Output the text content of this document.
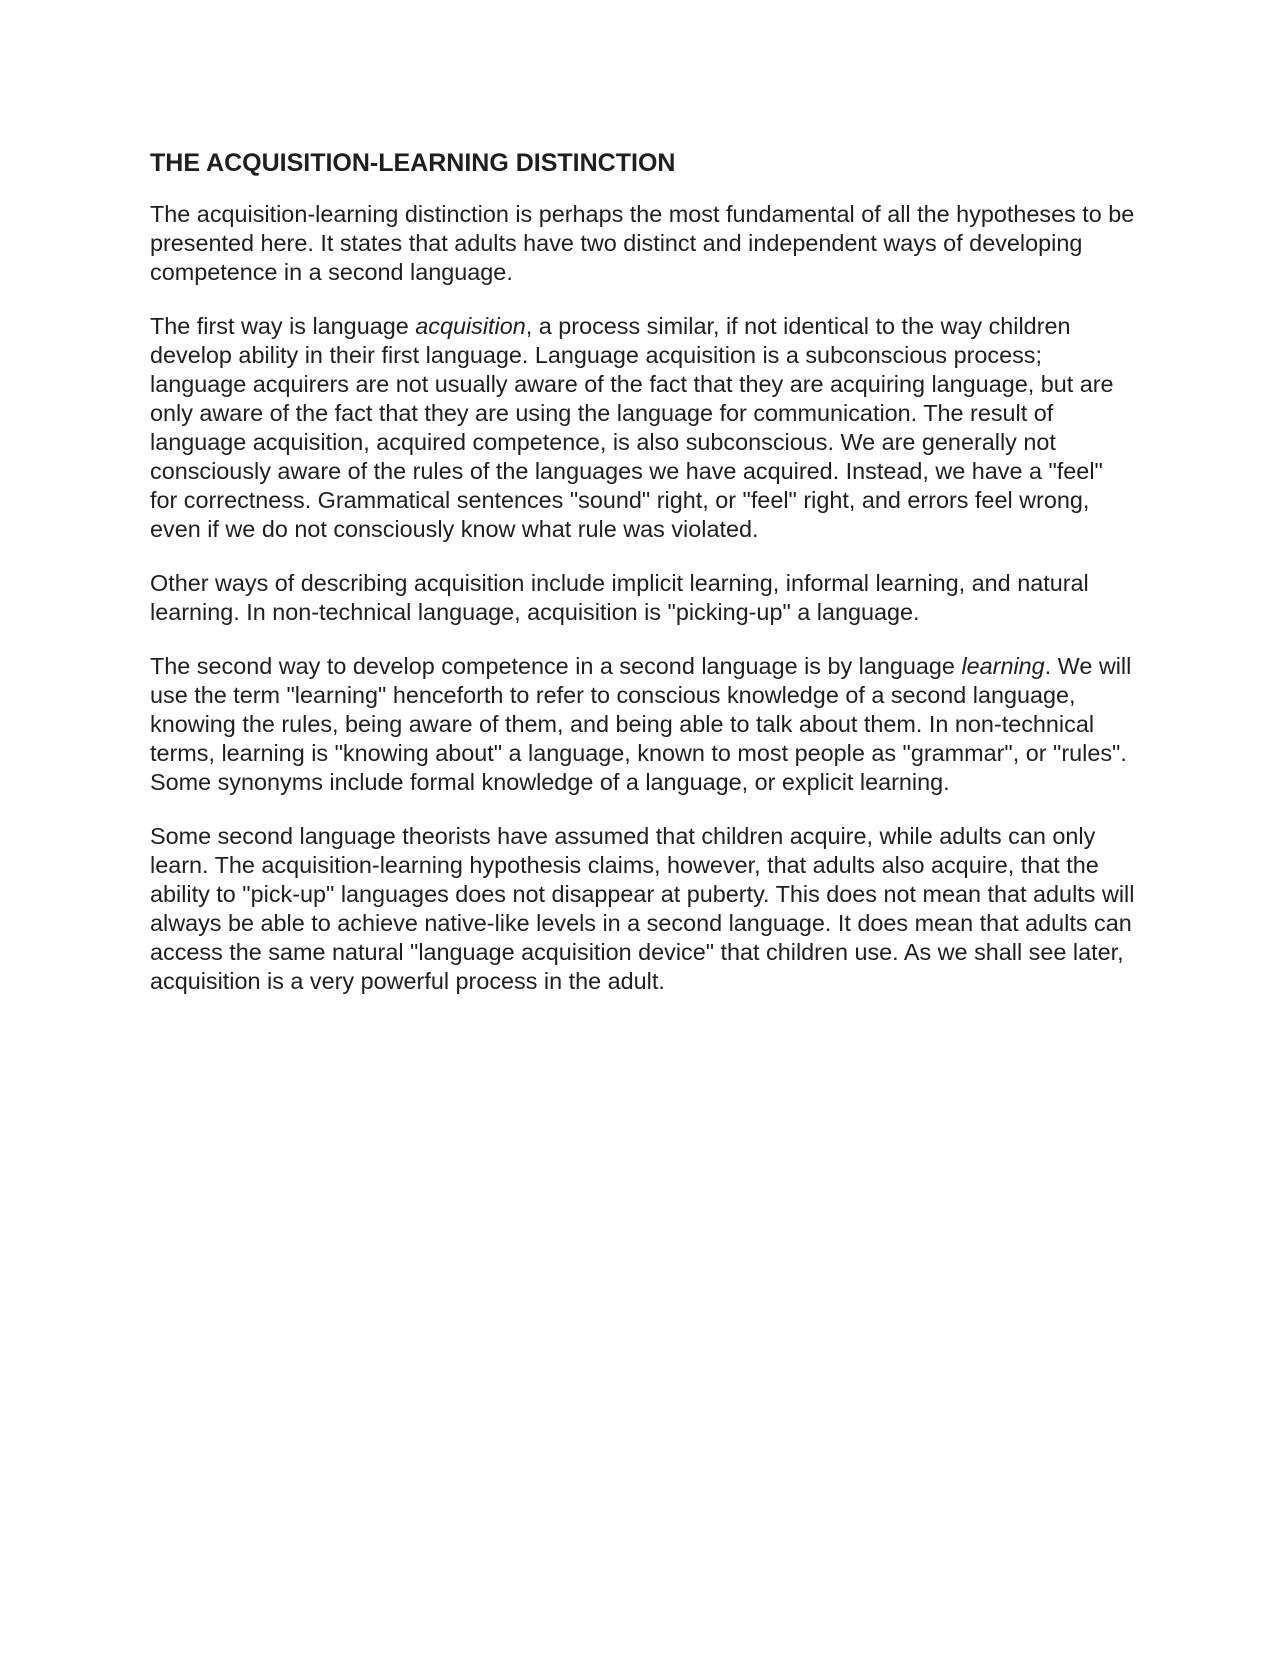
THE ACQUISITION-LEARNING DISTINCTION

The acquisition-learning distinction is perhaps the most fundamental of all the hypotheses to be presented here. It states that adults have two distinct and independent ways of developing competence in a second language.

The first way is language acquisition, a process similar, if not identical to the way children develop ability in their first language. Language acquisition is a subconscious process; language acquirers are not usually aware of the fact that they are acquiring language, but are only aware of the fact that they are using the language for communication. The result of language acquisition, acquired competence, is also subconscious. We are generally not consciously aware of the rules of the languages we have acquired. Instead, we have a "feel" for correctness. Grammatical sentences "sound" right, or "feel" right, and errors feel wrong, even if we do not consciously know what rule was violated.

Other ways of describing acquisition include implicit learning, informal learning, and natural learning. In non-technical language, acquisition is "picking-up" a language.

The second way to develop competence in a second language is by language learning. We will use the term "learning" henceforth to refer to conscious knowledge of a second language, knowing the rules, being aware of them, and being able to talk about them. In non-technical terms, learning is "knowing about" a language, known to most people as "grammar", or "rules". Some synonyms include formal knowledge of a language, or explicit learning.

Some second language theorists have assumed that children acquire, while adults can only learn. The acquisition-learning hypothesis claims, however, that adults also acquire, that the ability to "pick-up" languages does not disappear at puberty. This does not mean that adults will always be able to achieve native-like levels in a second language. It does mean that adults can access the same natural "language acquisition device" that children use. As we shall see later, acquisition is a very powerful process in the adult.
